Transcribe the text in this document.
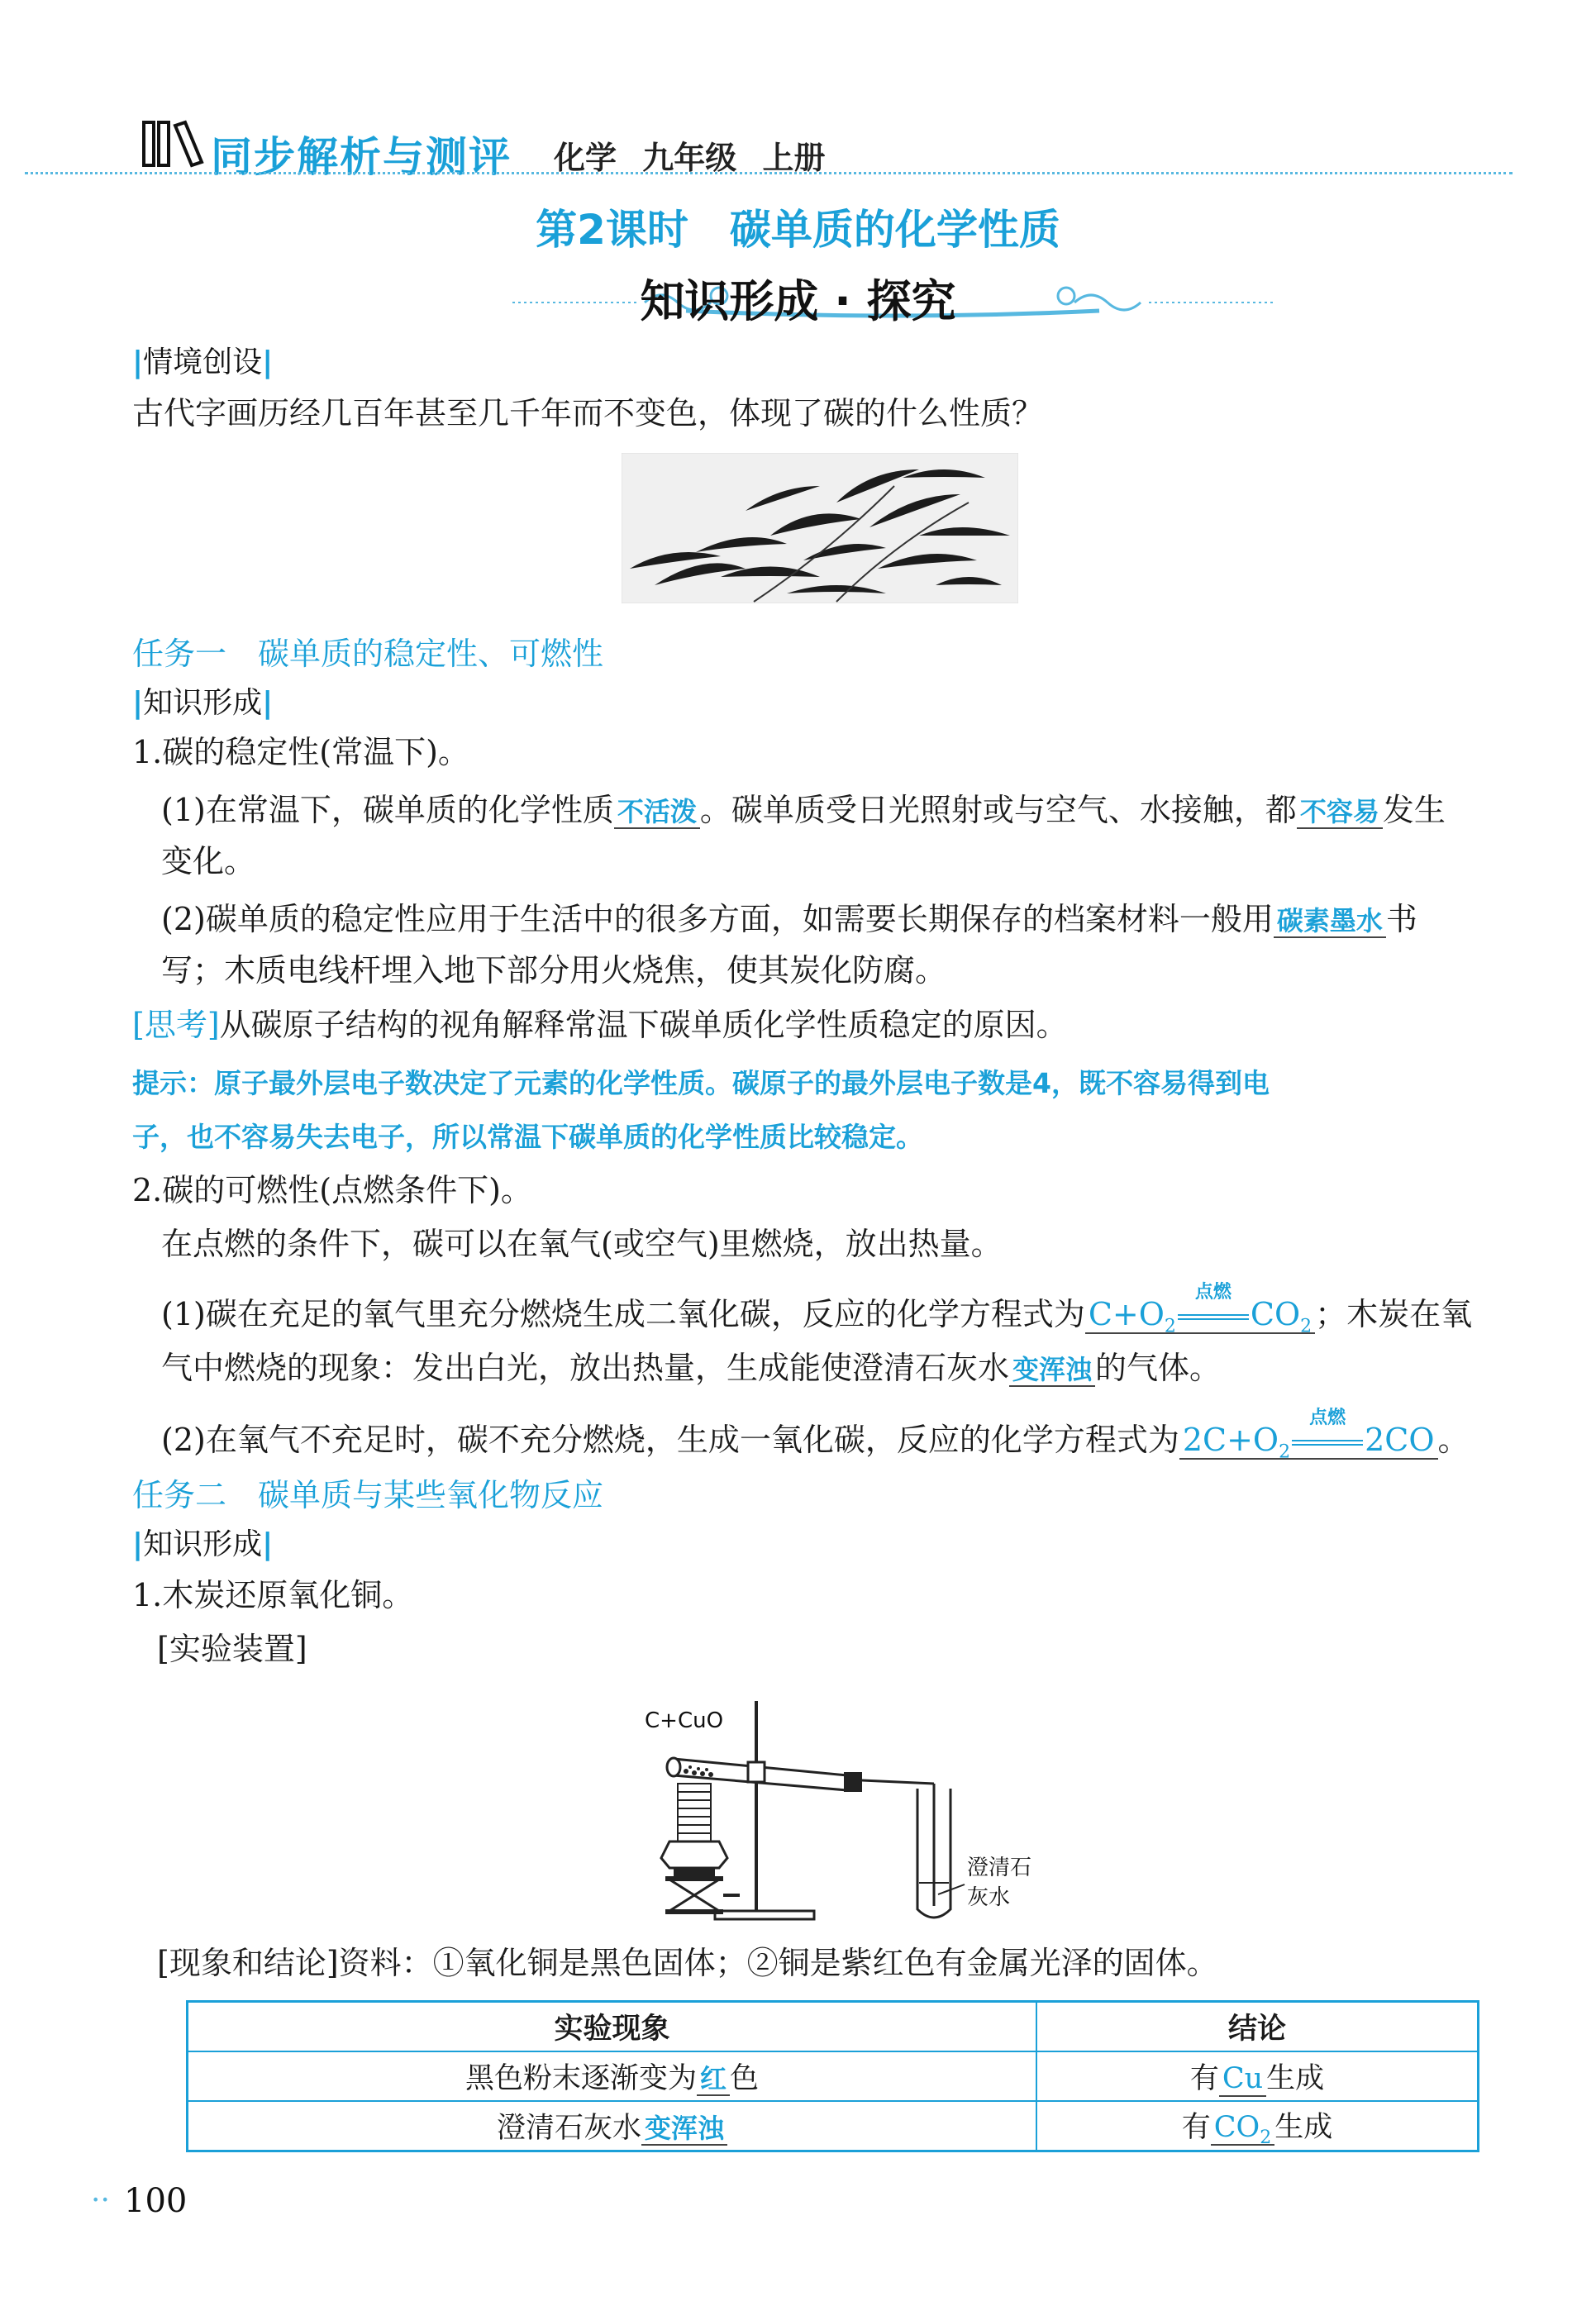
同步解析与测评 化学 九年级 上册
第2课时　碳单质的化学性质
知识形成 · 探究
|情境创设|
古代字画历经几百年甚至几千年而不变色，体现了碳的什么性质？
任务一　碳单质的稳定性、可燃性
|知识形成|
1.碳的稳定性(常温下)。
(1)在常温下，碳单质的化学性质 不活泼 。碳单质受日光照射或与空气、水接触，都 不容易 发生
变化。
(2)碳单质的稳定性应用于生活中的很多方面，如需要长期保存的档案材料一般用 碳素墨水 书
写；木质电线杆埋入地下部分用火烧焦，使其炭化防腐。
[思考]从碳原子结构的视角解释常温下碳单质化学性质稳定的原因。
提示：原子最外层电子数决定了元素的化学性质。碳原子的最外层电子数是4，既不容易得到电
子，也不容易失去电子，所以常温下碳单质的化学性质比较稳定。
2.碳的可燃性(点燃条件下)。
在点燃的条件下，碳可以在氧气(或空气)里燃烧，放出热量。
(1)碳在充足的氧气里充分燃烧生成二氧化碳，反应的化学方程式为 $C+O_2$
点燃
$CO_2$ ；木炭在氧
气中燃烧的现象：发出白光，放出热量，生成能使澄清石灰水 变浑浊 的气体。
(2)在氧气不充足时，碳不充分燃烧，生成一氧化碳，反应的化学方程式为 $2C+O_2$
点燃
2CO 。
任务二　碳单质与某些氧化物反应
|知识形成|
1.木炭还原氧化铜。
[实验装置]
C+CuO
澄清石
灰水
[现象和结论]资料：①氧化铜是黑色固体；②铜是紫红色有金属光泽的固体。
实验现象	结论
黑色粉末逐渐变为 红 色	有 Cu 生成
澄清石灰水 变浑浊	有 $CO_2$ 生成
·· 100
